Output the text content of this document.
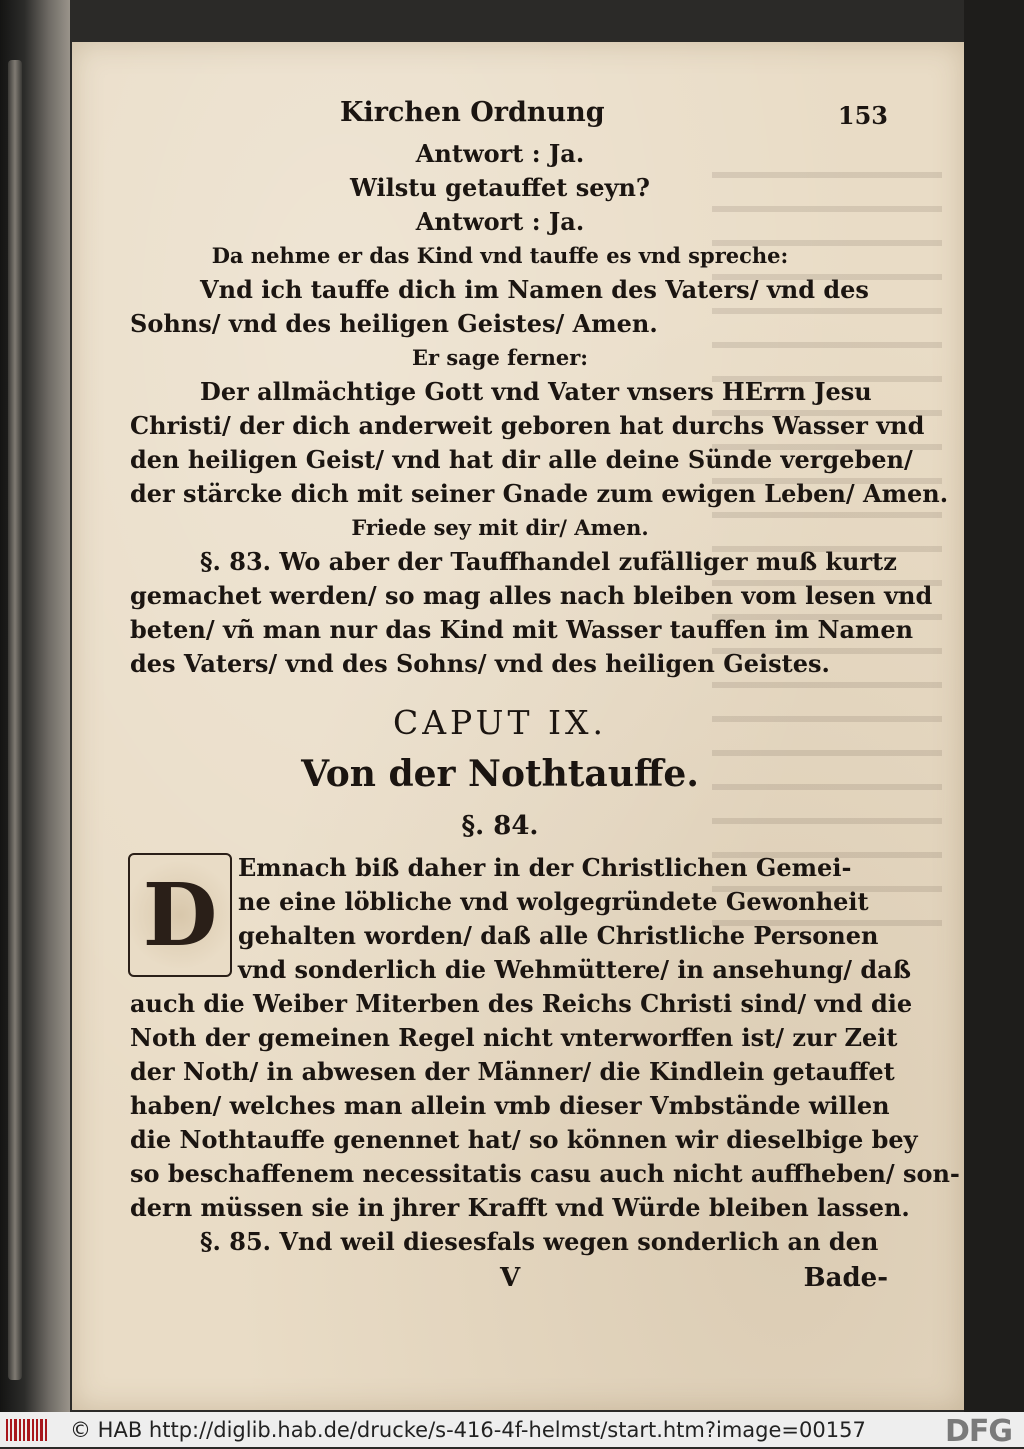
Kirchen Ordnung	153
Antwort : Ja.
Wilstu getauffet seyn?
Antwort : Ja.
Da nehme er das Kind vnd tauffe es vnd spreche:
Vnd ich tauffe dich im Namen des Vaters/ vnd des
Sohns/ vnd des heiligen Geistes/ Amen.
Er sage ferner:
Der allmächtige Gott vnd Vater vnsers HErrn Jesu
Christi/ der dich anderweit geboren hat durchs Wasser vnd
den heiligen Geist/ vnd hat dir alle deine Sünde vergeben/
der stärcke dich mit seiner Gnade zum ewigen Leben/ Amen.
Friede sey mit dir/ Amen.
§. 83. Wo aber der Tauffhandel zufälliger muß kurtz
gemachet werden/ so mag alles nach bleiben vom lesen vnd
beten/ vñ man nur das Kind mit Wasser tauffen im Namen
des Vaters/ vnd des Sohns/ vnd des heiligen Geistes.
CAPUT IX.
Von der Nothtauffe.
§. 84.
D Emnach biß daher in der Christlichen Gemei-
ne eine löbliche vnd wolgegründete Gewonheit
gehalten worden/ daß alle Christliche Personen
vnd sonderlich die Wehmüttere/ in ansehung/ daß
auch die Weiber Miterben des Reichs Christi sind/ vnd die
Noth der gemeinen Regel nicht vnterworffen ist/ zur Zeit
der Noth/ in abwesen der Männer/ die Kindlein getauffet
haben/ welches man allein vmb dieser Vmbstände willen
die Nothtauffe genennet hat/ so können wir dieselbige bey
so beschaffenem necessitatis casu auch nicht auffheben/ son-
dern müssen sie in jhrer Krafft vnd Würde bleiben lassen.
§. 85. Vnd weil diesesfals wegen sonderlich an den
V	Bade-
© HAB http://diglib.hab.de/drucke/s-416-4f-helmst/start.htm?image=00157	DFG
